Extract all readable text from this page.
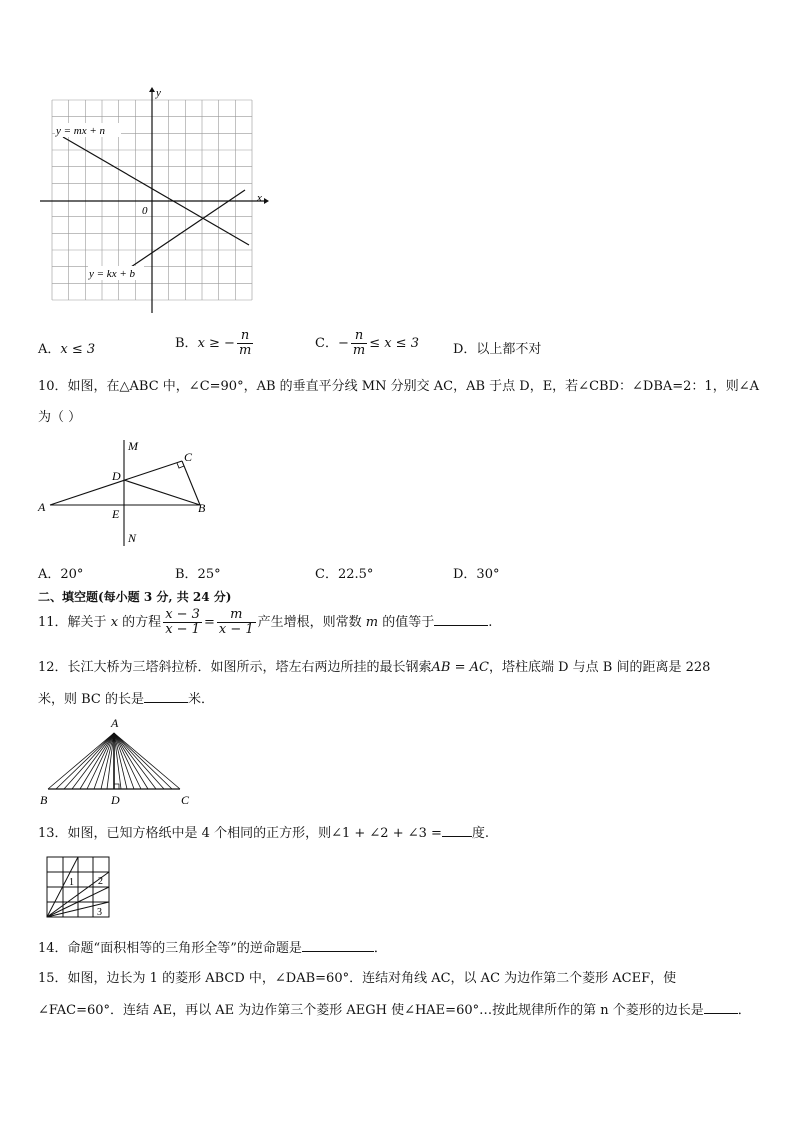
x
y
0
y = mx + n
y = kx + b
A．x ≤ 3	B．x ≥ − $\frac{n}{m}$	C．− $\frac{n}{m} \le x \le 3$	D．以上都不对
10．如图，在△ABC 中，∠C=90°，AB 的垂直平分线 MN 分别交 AC，AB 于点 D，E，若∠CBD：∠DBA=2：1，则∠A
为（ ）
M
C
D
A	E	B
N
A．20°	B．25°	C．22.5°	D．30°
二、填空题(每小题 3 分, 共 24 分)
11．解关于 x 的方程 $\frac{x - 3}{x - 1} = \frac{m}{x - 1}$ 产生增根，则常数 m 的值等于	.
12．长江大桥为三塔斜拉桥．如图所示，塔左右两边所挂的最长钢索AB = AC，塔柱底端 D 与点 B 间的距离是 228
米，则 BC 的长是	米．
A
B	D	C
13．如图，已知方格纸中是 4 个相同的正方形，则∠1 + ∠2 + ∠3 = 度.
1 2
3
14．命题“面积相等的三角形全等”的逆命题是	．
15．如图，边长为 1 的菱形 ABCD 中，∠DAB=60°．连结对角线 AC，以 AC 为边作第二个菱形 ACEF，使
∠FAC=60°．连结 AE，再以 AE 为边作第三个菱形 AEGH 使∠HAE=60°…按此规律所作的第 n 个菱形的边长是	．
